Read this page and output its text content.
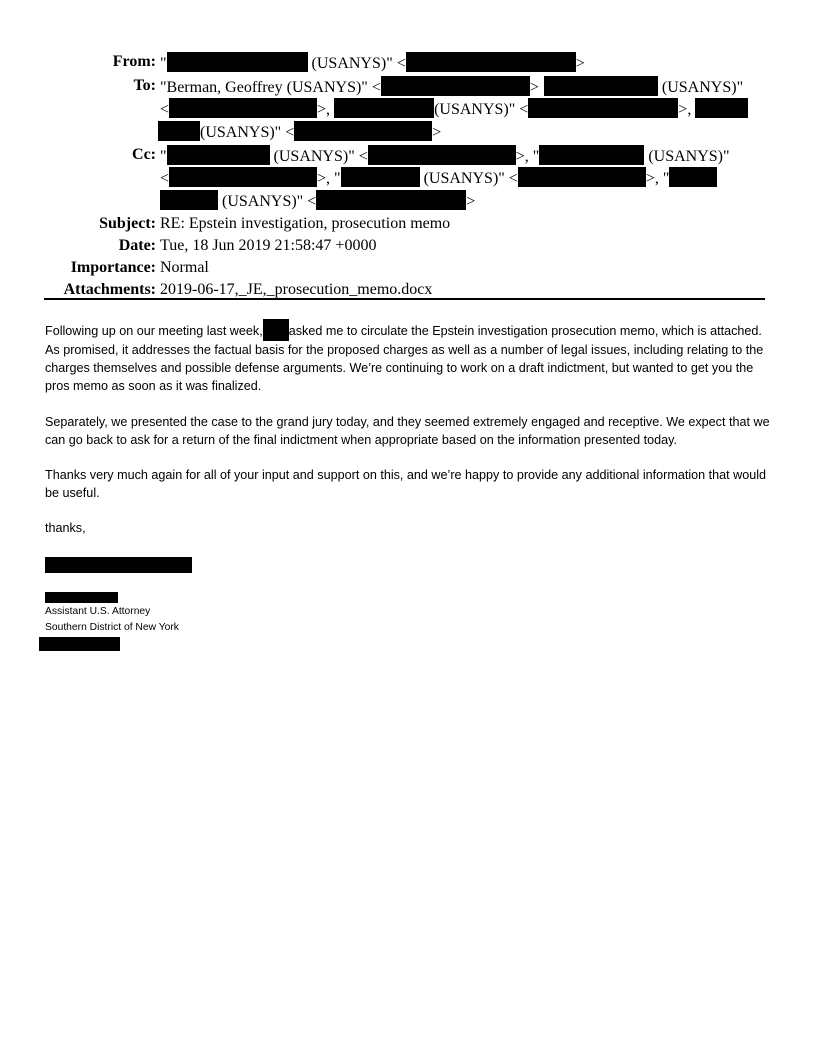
From: "	(USANYS)" <	>
To: "Berman, Geoffrey (USANYS)" <	>	(USANYS)"
<	>,	(USANYS)" <	>,
(USANYS)" <	>
Cc: "	(USANYS)" <	>, "	(USANYS)"
<	>, "	(USANYS)" <	>, "
(USANYS)" <	>
Subject: RE: Epstein investigation, prosecution memo
Date: Tue, 18 Jun 2019 21:58:47 +0000
Importance: Normal
Attachments: 2019-06-17,_JE,_prosecution_memo.docx

Following up on our meeting last week, asked me to circulate the Epstein investigation prosecution memo, which is attached. As promised, it addresses the factual basis for the proposed charges as well as a number of legal issues, including relating to the charges themselves and possible defense arguments. We’re continuing to work on a draft indictment, but wanted to get you the pros memo as soon as it was finalized.

Separately, we presented the case to the grand jury today, and they seemed extremely engaged and receptive. We expect that we can go back to ask for a return of the final indictment when appropriate based on the information presented today.

Thanks very much again for all of your input and support on this, and we’re happy to provide any additional information that would be useful.

thanks,
Assistant U.S. Attorney
Southern District of New York
